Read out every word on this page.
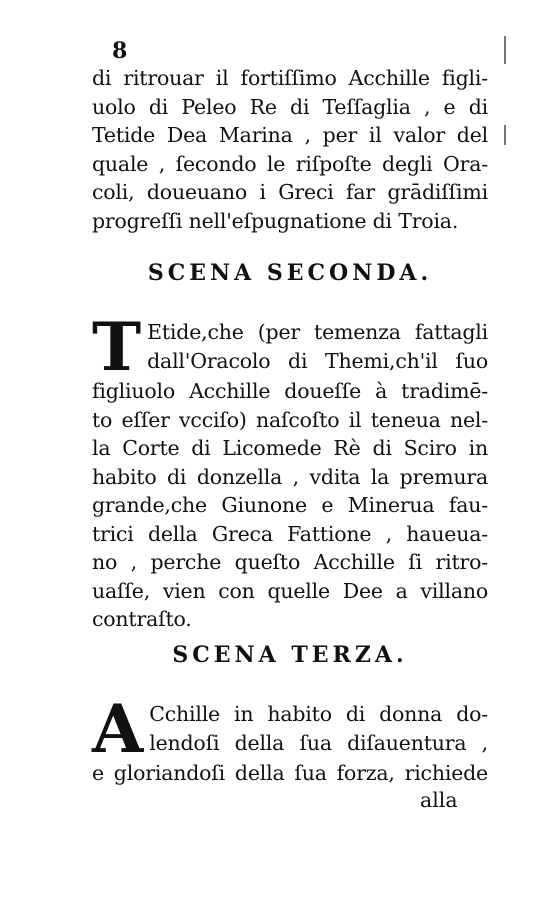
8
di ritrouar il fortiſſimo Acchille figli-
uolo di Peleo Re di Teſſaglia , e di
Tetide Dea Marina , per il valor del
quale , ſecondo le riſpoſte degli Ora-
coli, doueuano i Greci far grādiſſimi
progreſſi nell'eſpugnatione di Troia.
SCENA SECONDA.
T Etide,che (per temenza fattagli
dall'Oracolo di Themi,ch'il ſuo
figliuolo Acchille doueſſe à tradimē-
to eſſer vcciſo) naſcoſto il teneua nel-
la Corte di Licomede Rè di Sciro in
habito di donzella , vdita la premura
grande,che Giunone e Minerua fau-
trici della Greca Fattione , haueua-
no , perche queſto Acchille ſi ritro-
uaſſe, vien con quelle Dee a villano
contraſto.
SCENA TERZA.
A Cchille in habito di donna do-
lendoſi della ſua diſauentura ,
e gloriandoſi della ſua forza, richiede
alla
